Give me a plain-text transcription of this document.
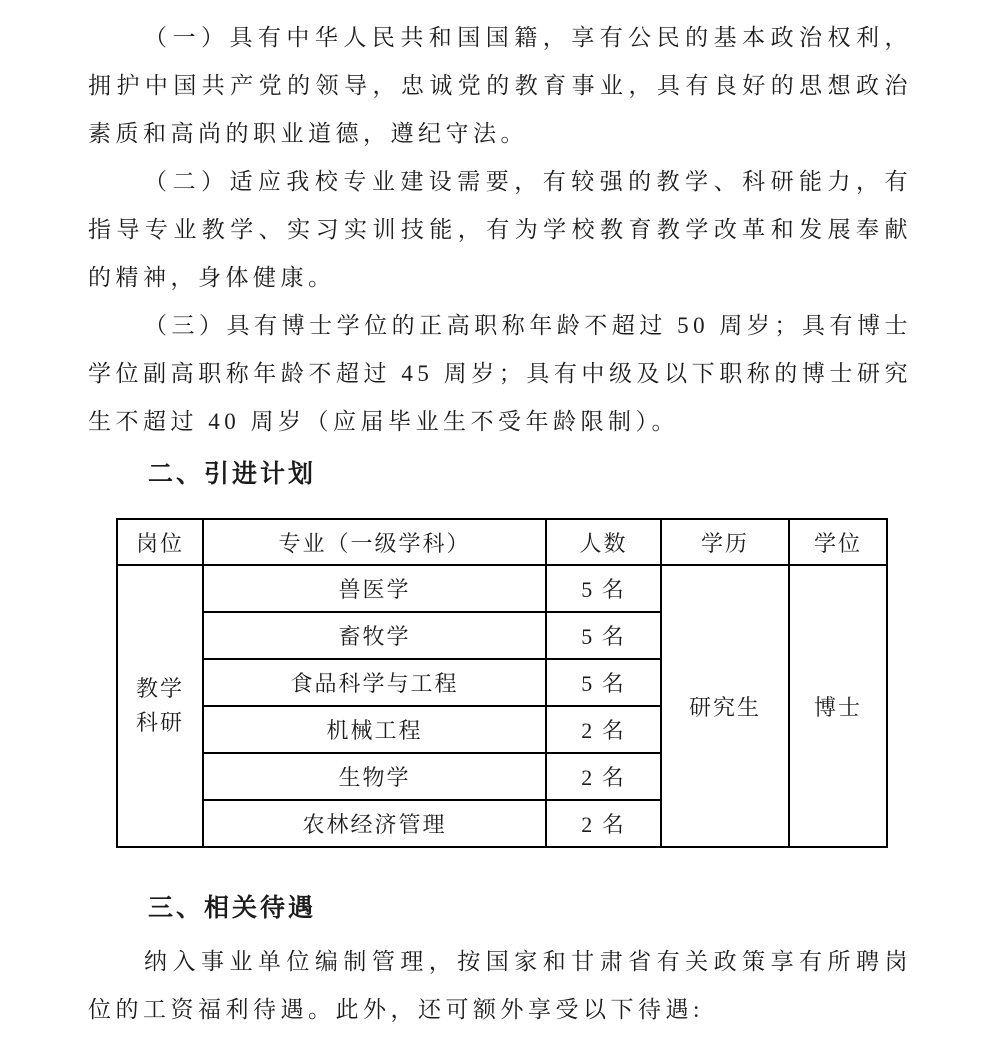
（一）具有中华人民共和国国籍，享有公民的基本政治权利，拥护中国共产党的领导，忠诚党的教育事业，具有良好的思想政治素质和高尚的职业道德，遵纪守法。

（二）适应我校专业建设需要，有较强的教学、科研能力，有指导专业教学、实习实训技能，有为学校教育教学改革和发展奉献的精神，身体健康。

（三）具有博士学位的正高职称年龄不超过 50 周岁；具有博士学位副高职称年龄不超过 45 周岁；具有中级及以下职称的博士研究生不超过 40 周岁（应届毕业生不受年龄限制）。

二、引进计划
岗位	专业（一级学科）	人数	学历	学位

教学
科研	兽医学	5 名	研究生	博士
	畜牧学	5 名		
	食品科学与工程	5 名		
	机械工程	2 名		
	生物学	2 名		
	农林经济管理	2 名		
三、相关待遇

纳入事业单位编制管理，按国家和甘肃省有关政策享有所聘岗位的工资福利待遇。此外，还可额外享受以下待遇:
